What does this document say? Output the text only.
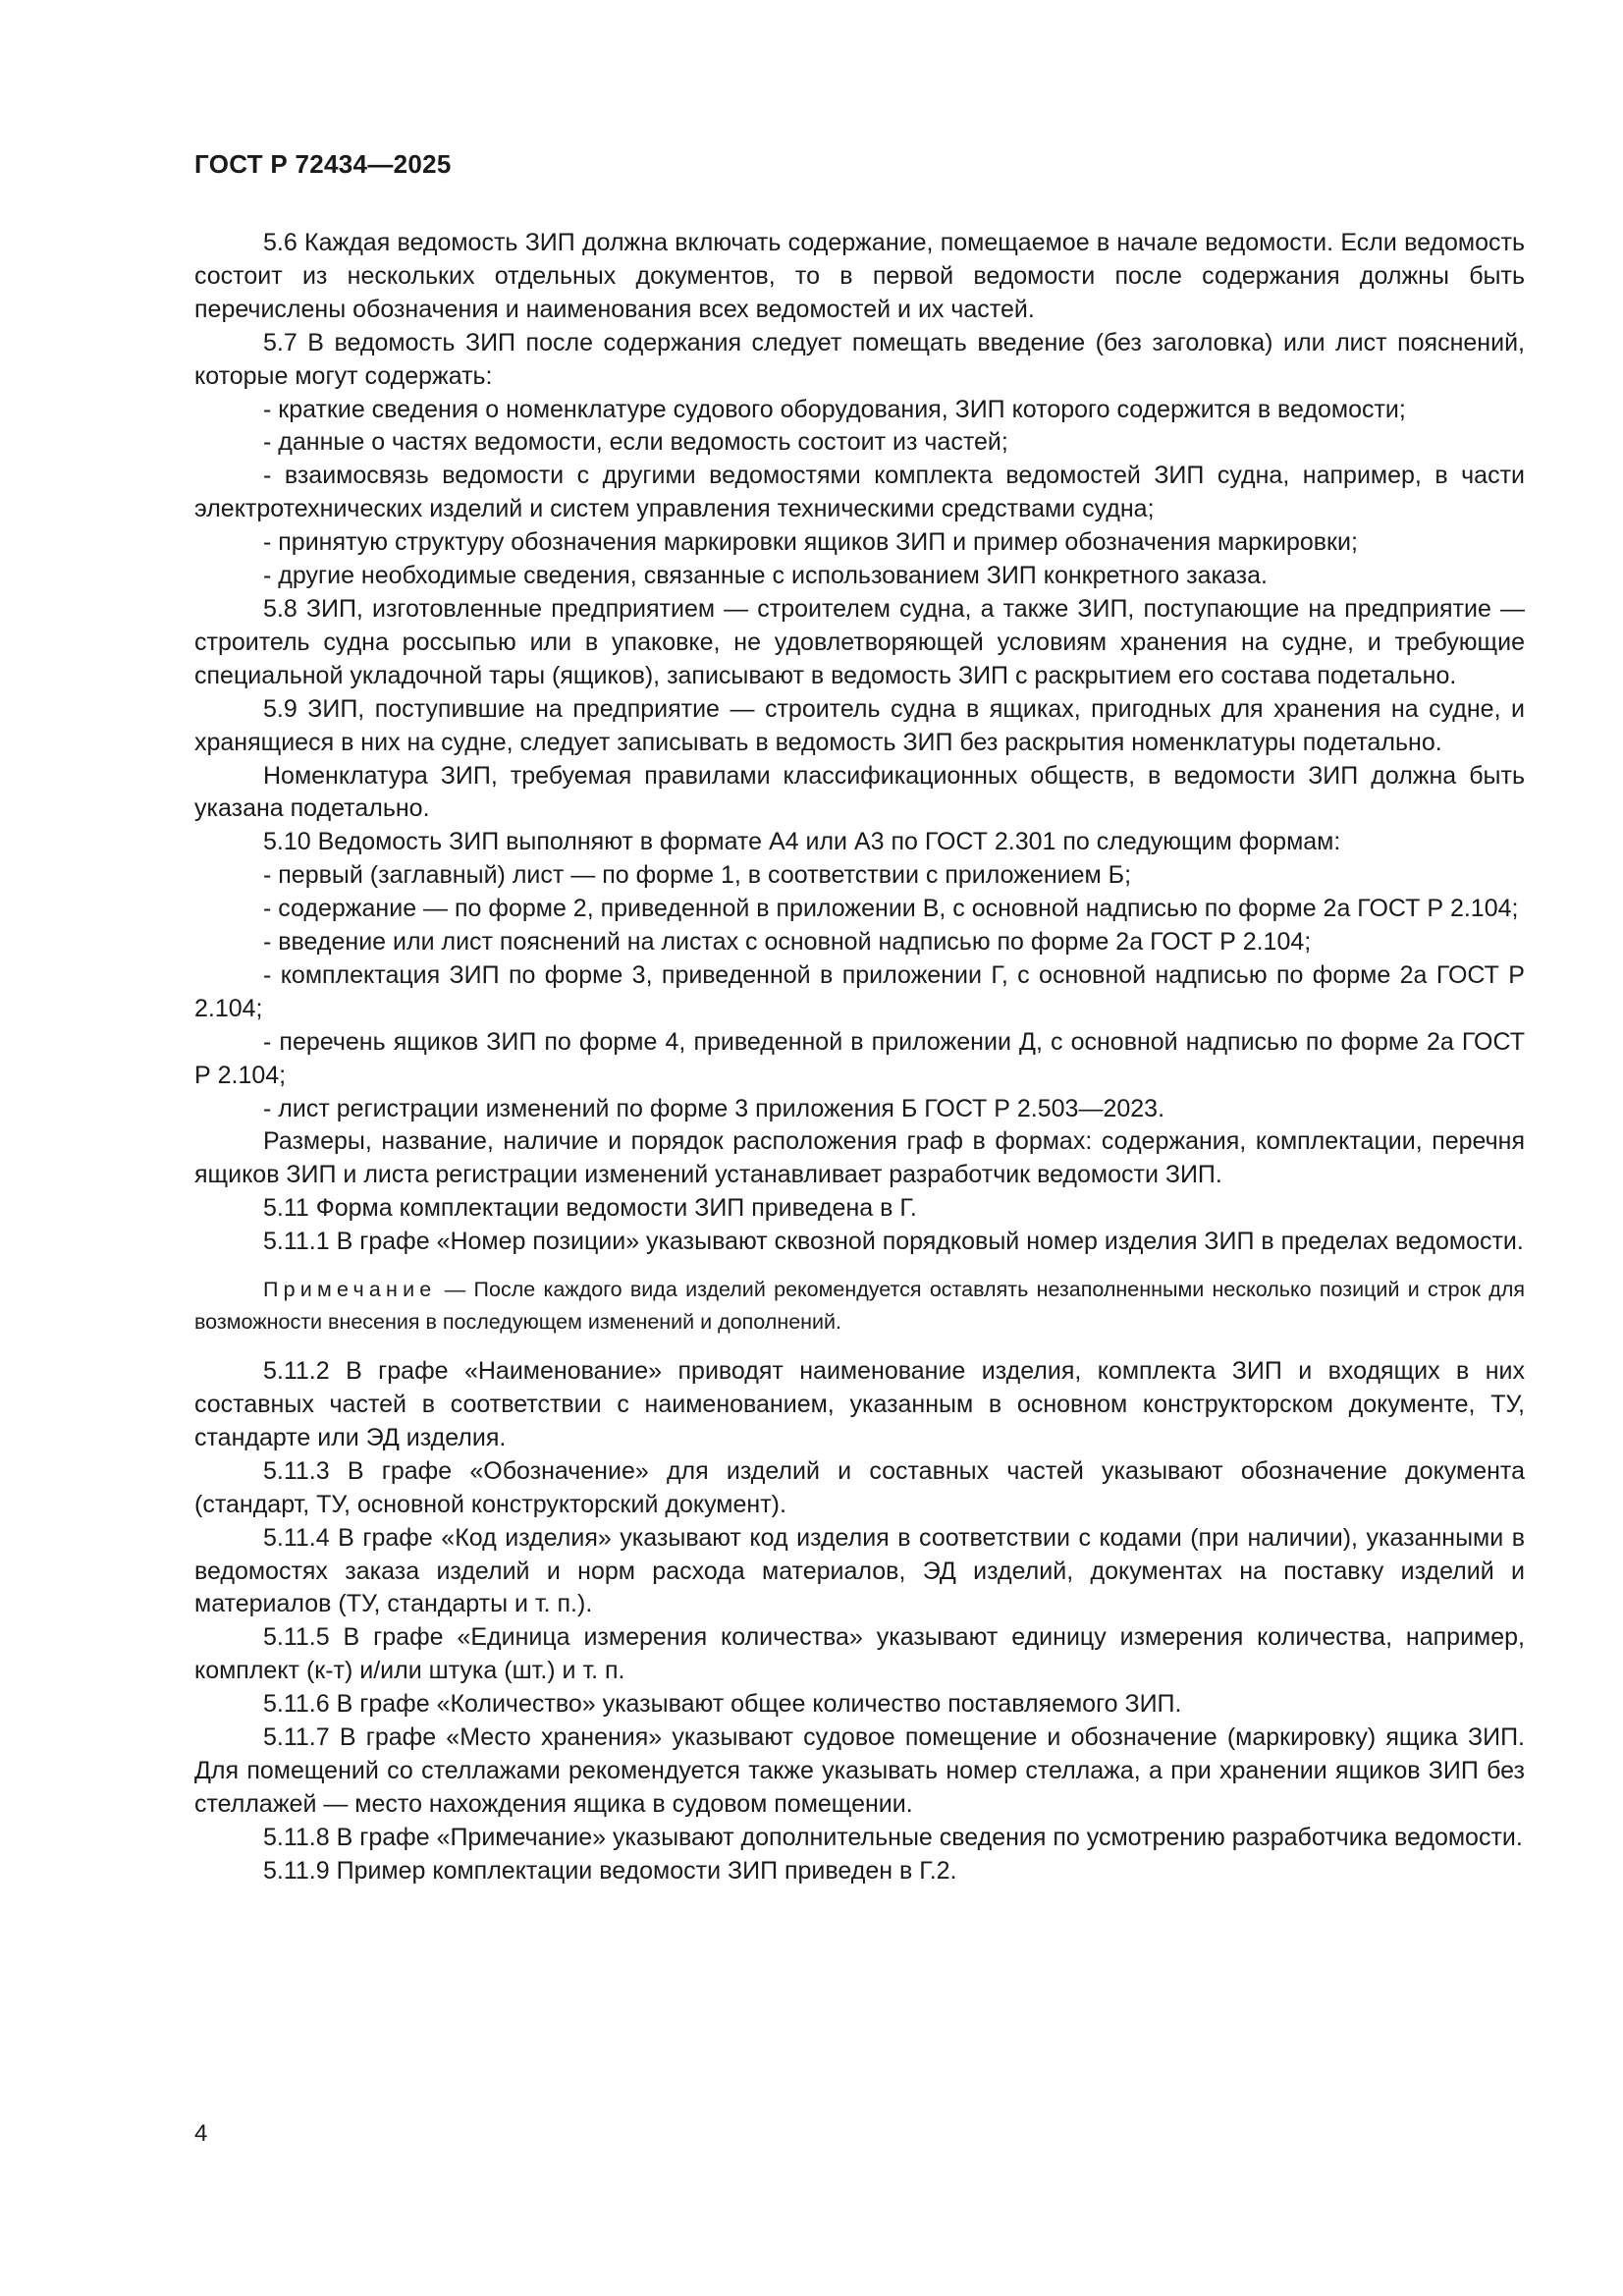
ГОСТ Р 72434—2025

5.6 Каждая ведомость ЗИП должна включать содержание, помещаемое в начале ведомости. Если ведомость состоит из нескольких отдельных документов, то в первой ведомости после содержания должны быть перечислены обозначения и наименования всех ведомостей и их частей.

5.7 В ведомость ЗИП после содержания следует помещать введение (без заголовка) или лист пояснений, которые могут содержать:

- краткие сведения о номенклатуре судового оборудования, ЗИП которого содержится в ведомости;

- данные о частях ведомости, если ведомость состоит из частей;

- взаимосвязь ведомости с другими ведомостями комплекта ведомостей ЗИП судна, например, в части электротехнических изделий и систем управления техническими средствами судна;

- принятую структуру обозначения маркировки ящиков ЗИП и пример обозначения маркировки;

- другие необходимые сведения, связанные с использованием ЗИП конкретного заказа.

5.8 ЗИП, изготовленные предприятием — строителем судна, а также ЗИП, поступающие на предприятие — строитель судна россыпью или в упаковке, не удовлетворяющей условиям хранения на судне, и требующие специальной укладочной тары (ящиков), записывают в ведомость ЗИП с раскрытием его состава подетально.

5.9 ЗИП, поступившие на предприятие — строитель судна в ящиках, пригодных для хранения на судне, и хранящиеся в них на судне, следует записывать в ведомость ЗИП без раскрытия номенклатуры подетально.

Номенклатура ЗИП, требуемая правилами классификационных обществ, в ведомости ЗИП должна быть указана подетально.

5.10 Ведомость ЗИП выполняют в формате А4 или А3 по ГОСТ 2.301 по следующим формам:

- первый (заглавный) лист — по форме 1, в соответствии с приложением Б;

- содержание — по форме 2, приведенной в приложении В, с основной надписью по форме 2а ГОСТ Р 2.104;

- введение или лист пояснений на листах с основной надписью по форме 2а ГОСТ Р 2.104;

- комплектация ЗИП по форме 3, приведенной в приложении Г, с основной надписью по форме 2а ГОСТ Р 2.104;

- перечень ящиков ЗИП по форме 4, приведенной в приложении Д, с основной надписью по форме 2а ГОСТ Р 2.104;

- лист регистрации изменений по форме 3 приложения Б ГОСТ Р 2.503—2023.

Размеры, название, наличие и порядок расположения граф в формах: содержания, комплектации, перечня ящиков ЗИП и листа регистрации изменений устанавливает разработчик ведомости ЗИП.

5.11 Форма комплектации ведомости ЗИП приведена в Г.

5.11.1 В графе «Номер позиции» указывают сквозной порядковый номер изделия ЗИП в пределах ведомости.

Примечание — После каждого вида изделий рекомендуется оставлять незаполненными несколько позиций и строк для возможности внесения в последующем изменений и дополнений.

5.11.2 В графе «Наименование» приводят наименование изделия, комплекта ЗИП и входящих в них составных частей в соответствии с наименованием, указанным в основном конструкторском документе, ТУ, стандарте или ЭД изделия.

5.11.3 В графе «Обозначение» для изделий и составных частей указывают обозначение документа (стандарт, ТУ, основной конструкторский документ).

5.11.4 В графе «Код изделия» указывают код изделия в соответствии с кодами (при наличии), указанными в ведомостях заказа изделий и норм расхода материалов, ЭД изделий, документах на поставку изделий и материалов (ТУ, стандарты и т. п.).

5.11.5 В графе «Единица измерения количества» указывают единицу измерения количества, например, комплект (к-т) и/или штука (шт.) и т. п.

5.11.6 В графе «Количество» указывают общее количество поставляемого ЗИП.

5.11.7 В графе «Место хранения» указывают судовое помещение и обозначение (маркировку) ящика ЗИП. Для помещений со стеллажами рекомендуется также указывать номер стеллажа, а при хранении ящиков ЗИП без стеллажей — место нахождения ящика в судовом помещении.

5.11.8 В графе «Примечание» указывают дополнительные сведения по усмотрению разработчика ведомости.

5.11.9 Пример комплектации ведомости ЗИП приведен в Г.2.

4
